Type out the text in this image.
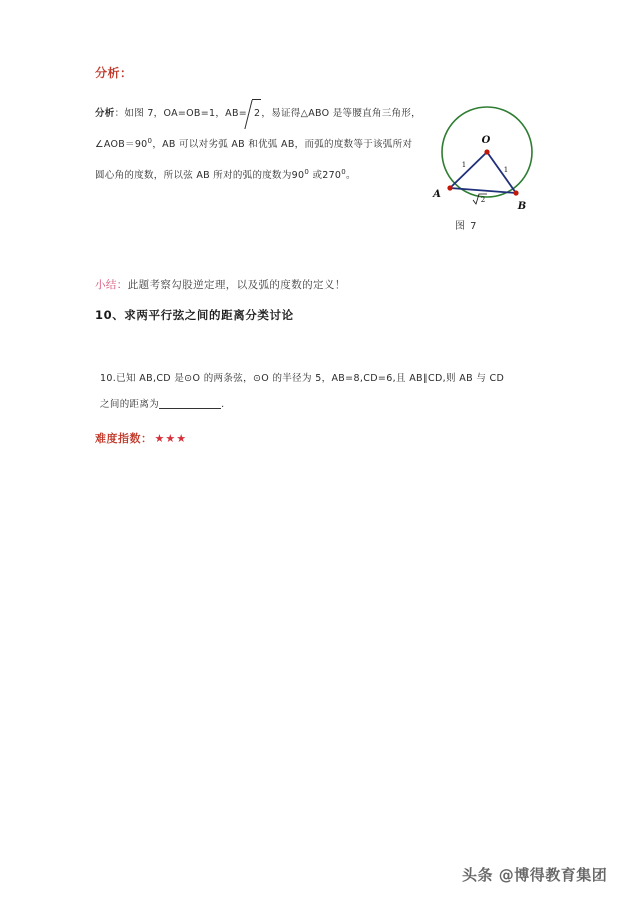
分析：
分析：如图 7，OA=OB=1，AB= 2，易证得△ABO 是等腰直角三角形，
$\angle AOB=90^0$，AB 可以对劣弧 AB 和优弧 AB，而弧的度数等于该弧所对
圆心角的度数，所以弦 AB 所对的弧的度数为$90^0$ 或$270^0$。
O
A
B
1
1
2
图 7
小结：此题考察勾股逆定理，以及弧的度数的定义！
10、求两平行弦之间的距离分类讨论
10.已知 AB,CD 是⊙O 的两条弦，⊙O 的半径为 5，AB=8,CD=6,且 AB∥CD,则 AB 与 CD
之间的距离为	.
难度指数： ★★★
头条 @博得教育集团
